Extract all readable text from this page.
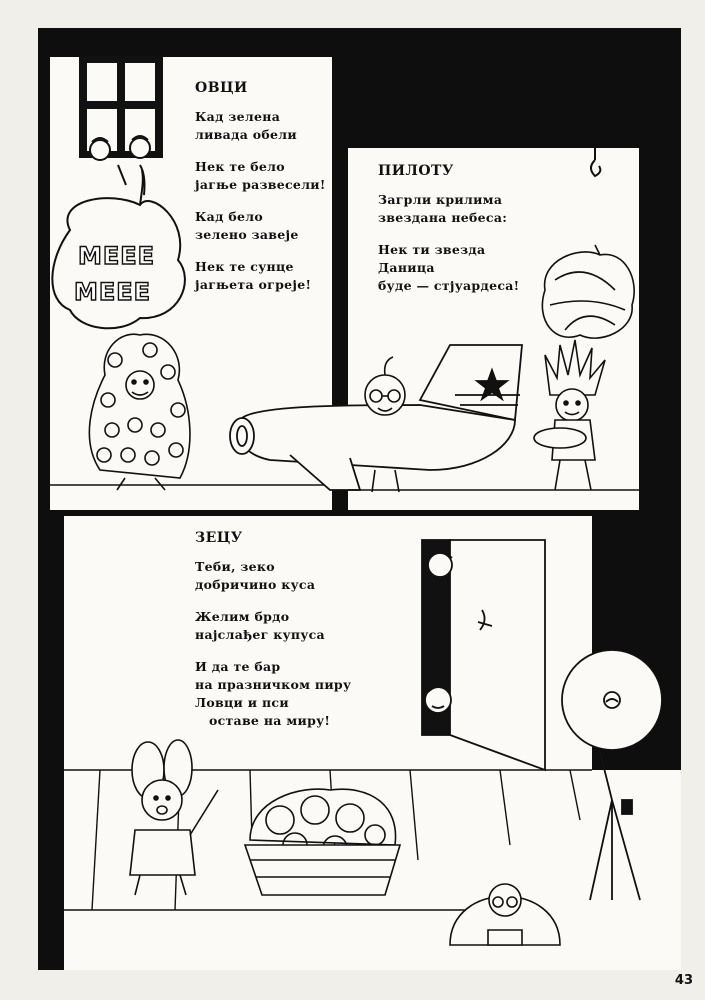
МЕЕЕ
МЕЕЕ
ОВЦИ
Кад зелена
ливада обели
Нек те бело
јагње развесели!
Кад бело
зелено завеје
Нек те сунце
јагњета огреје!
ПИЛОТУ
Загрли крилима
звездана небеса:
Нек ти звезда
Даница
буде — стјуардеса!
ЗЕЦУ
Теби, зеко
добричино куса
Желим брдо
најслађег купуса
И да те бар
на празничком пиру
Ловци и пси
оставе на миру!
43
